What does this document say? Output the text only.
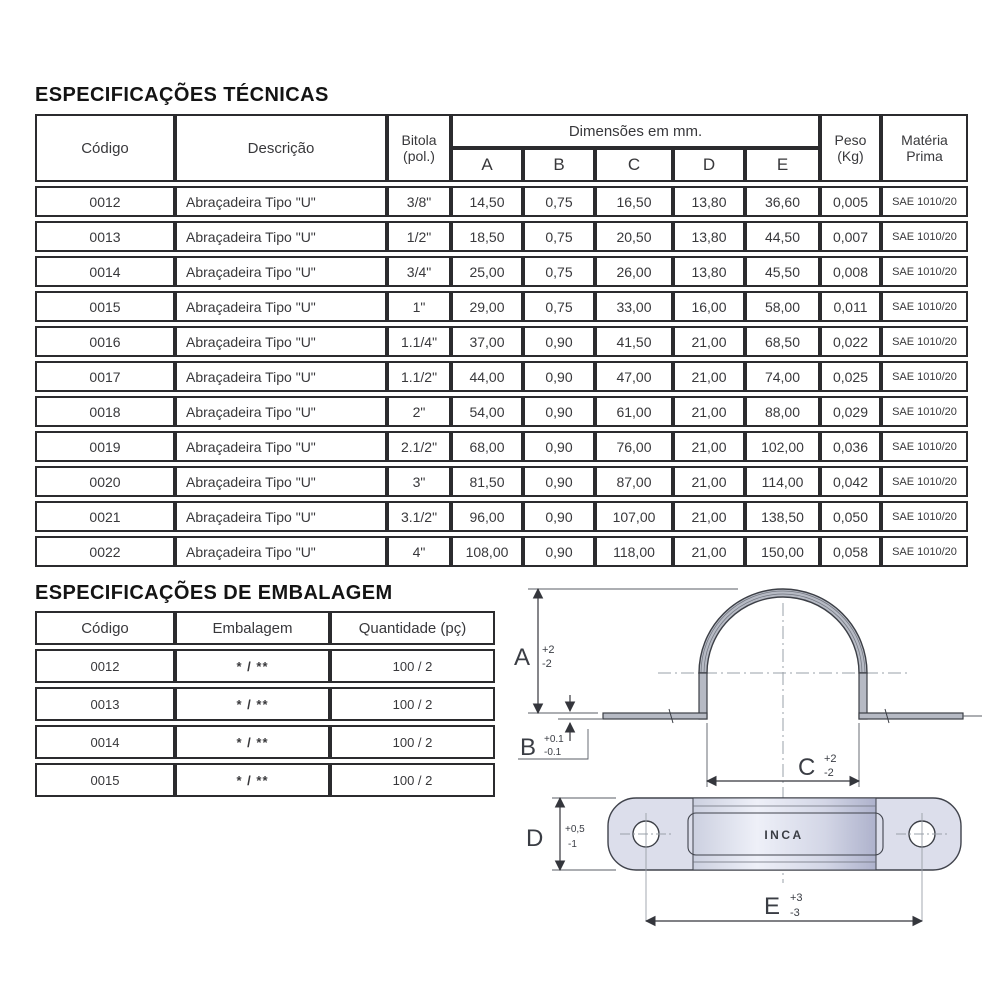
ESPECIFICAÇÕES TÉCNICAS
Código	Descrição	Bitola
(pol.)
Dimensões em mm.
A	B	C	D	E
Peso
(Kg)
Matéria
Prima
0012	Abraçadeira Tipo "U"	3/8"	14,50	0,75	16,50	13,80	36,60	0,005	SAE 1010/20
0013	Abraçadeira Tipo "U"	1/2"	18,50	0,75	20,50	13,80	44,50	0,007	SAE 1010/20
0014	Abraçadeira Tipo "U"	3/4"	25,00	0,75	26,00	13,80	45,50	0,008	SAE 1010/20
0015	Abraçadeira Tipo "U"	1"	29,00	0,75	33,00	16,00	58,00	0,011	SAE 1010/20
0016	Abraçadeira Tipo "U"	1.1/4"	37,00	0,90	41,50	21,00	68,50	0,022	SAE 1010/20
0017	Abraçadeira Tipo "U"	1.1/2"	44,00	0,90	47,00	21,00	74,00	0,025	SAE 1010/20
0018	Abraçadeira Tipo "U"	2"	54,00	0,90	61,00	21,00	88,00	0,029	SAE 1010/20
0019	Abraçadeira Tipo "U"	2.1/2"	68,00	0,90	76,00	21,00	102,00	0,036	SAE 1010/20
0020	Abraçadeira Tipo "U"	3"	81,50	0,90	87,00	21,00	114,00	0,042	SAE 1010/20
0021	Abraçadeira Tipo "U"	3.1/2"	96,00	0,90	107,00	21,00	138,50	0,050	SAE 1010/20
0022	Abraçadeira Tipo "U"	4"	108,00	0,90	118,00	21,00	150,00	0,058	SAE 1010/20
ESPECIFICAÇÕES DE EMBALAGEM
Código	Embalagem	Quantidade (pç)
0012	* / **	100 / 2
0013	* / **	100 / 2
0014	* / **	100 / 2
0015	* / **	100 / 2
A +2
-2
B +0.1
-0.1
C +2
-2
INCA
D +0,5
-1
E +3
-3
